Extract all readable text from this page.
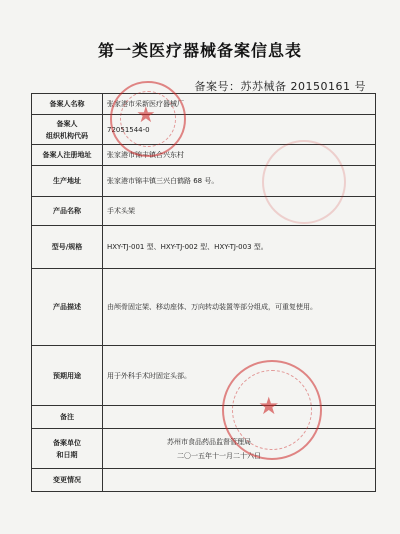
第一类医疗器械备案信息表
备案号：苏苏械备 20150161 号
备案人名称	张家港市采新医疗器械厂

备案人
组织机构代码	72051544-0
备案人注册地址	张家港市锦丰镇合兴东村
生产地址	张家港市锦丰镇三兴白鹤路 68 号。
产品名称	手术头架
型号/规格	HXY-TJ-001 型、HXY-TJ-002 型、HXY-TJ-003 型。
产品描述	由颅骨固定架、移动座体、万向转动装置等部分组成，可重复使用。
预期用途	用于外科手术时固定头部。
备注	

备案单位
和日期	苏州市食品药品监督管理局
二〇一五年十一月二十六日

变更情况	
★
★
